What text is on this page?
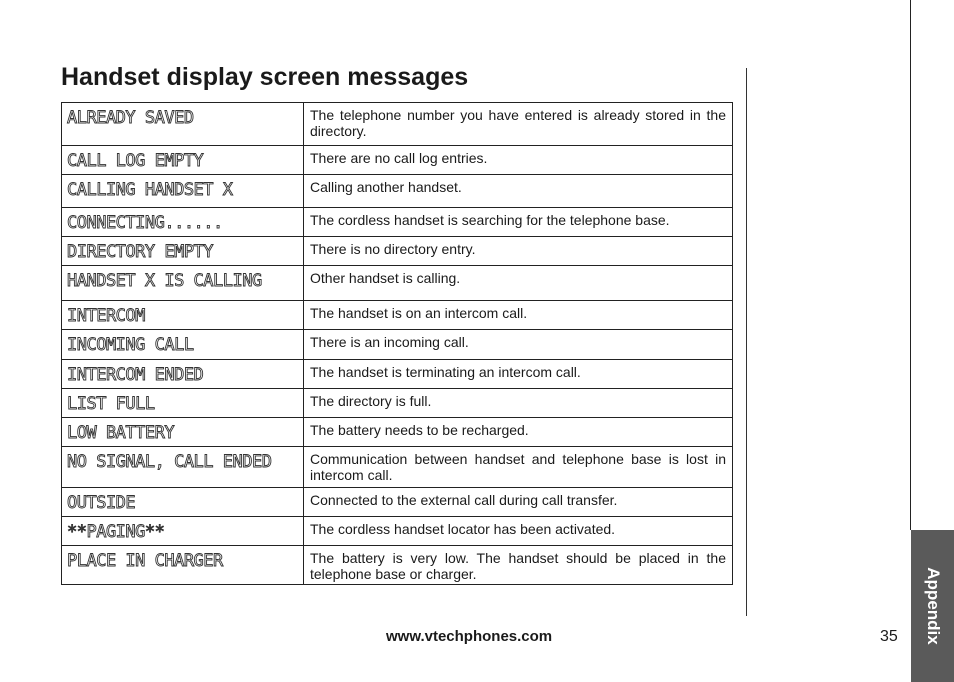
Handset display screen messages
ALREADY SAVED	The telephone number you have entered is already stored in the directory.

CALL LOG EMPTY	There are no call log entries.

CALLING HANDSET X	Calling another handset.

CONNECTING......	The cordless handset is searching for the telephone base.

DIRECTORY EMPTY	There is no directory entry.

HANDSET X IS CALLING	Other handset is calling.

INTERCOM	The handset is on an intercom call.

INCOMING CALL	There is an incoming call.

INTERCOM ENDED	The handset is terminating an intercom call.

LIST FULL	The directory is full.

LOW BATTERY	The battery needs to be recharged.

NO SIGNAL, CALL ENDED	Communication between handset and telephone base is lost in intercom call.

OUTSIDE	Connected to the external call during call transfer.

**PAGING**	The cordless handset locator has been activated.

PLACE IN CHARGER	The battery is very low. The handset should be placed in the telephone base or charger.
www.vtechphones.com	35 Appendix
